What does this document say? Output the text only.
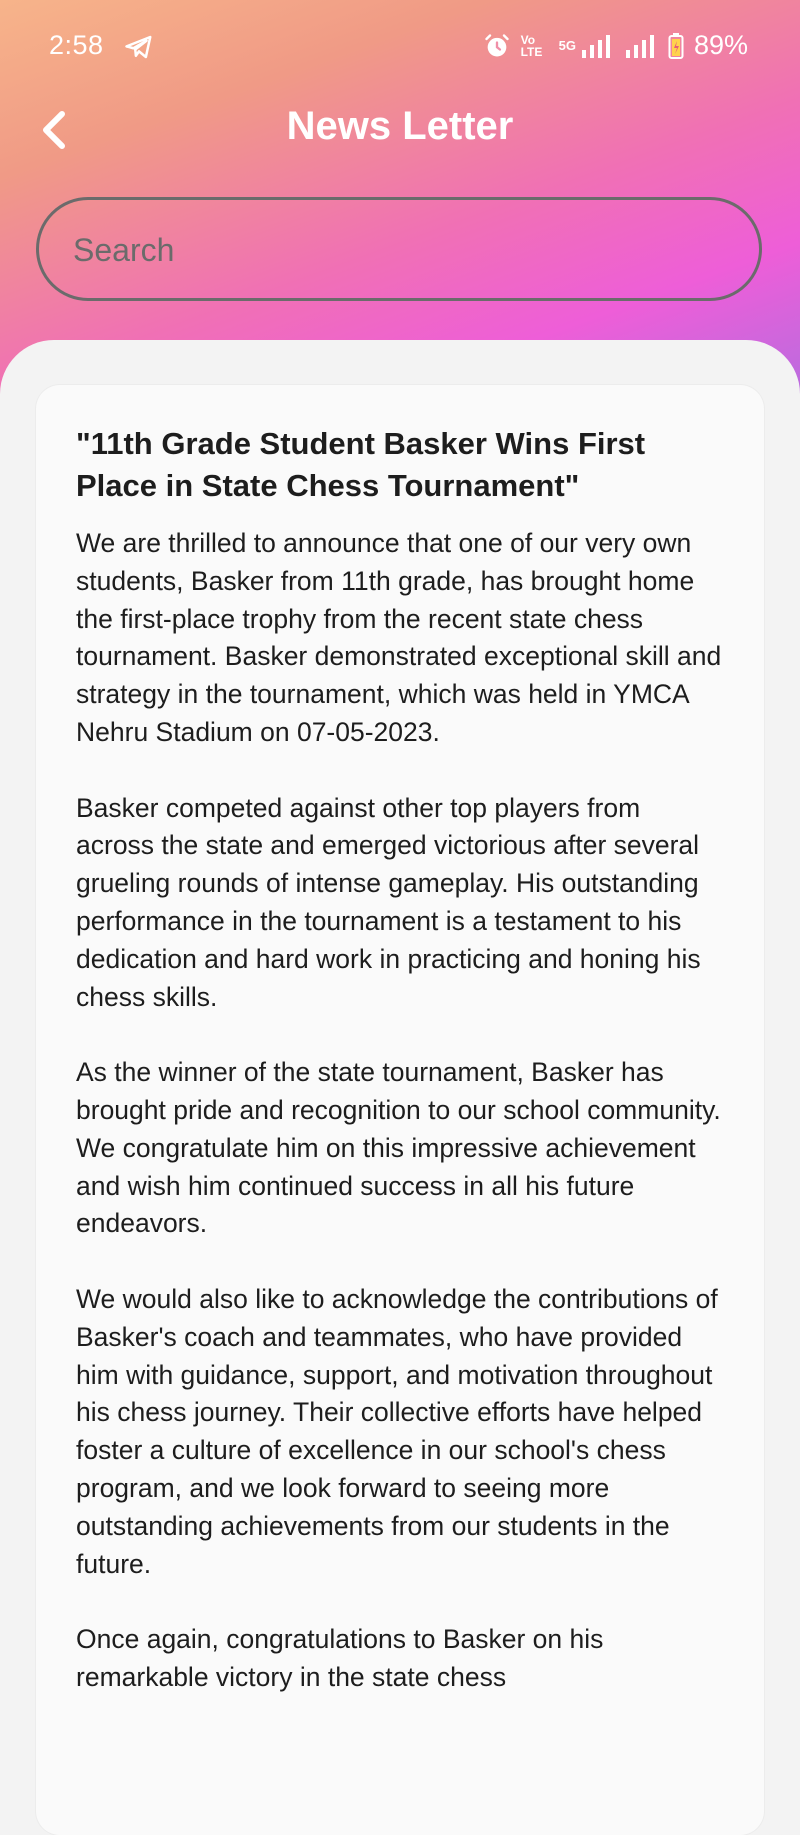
2:58	Vo LTE	5G	89%
News Letter
Search
"11th Grade Student Basker Wins First Place in State Chess Tournament"

We are thrilled to announce that one of our very own students, Basker from 11th grade, has brought home the first-place trophy from the recent state chess tournament. Basker demonstrated exceptional skill and strategy in the tournament, which was held in YMCA Nehru Stadium on 07-05-2023.

Basker competed against other top players from across the state and emerged victorious after several grueling rounds of intense gameplay. His outstanding performance in the tournament is a testament to his dedication and hard work in practicing and honing his chess skills.

As the winner of the state tournament, Basker has brought pride and recognition to our school community. We congratulate him on this impressive achievement and wish him continued success in all his future endeavors.

We would also like to acknowledge the contributions of Basker's coach and teammates, who have provided him with guidance, support, and motivation throughout his chess journey. Their collective efforts have helped foster a culture of excellence in our school's chess program, and we look forward to seeing more outstanding achievements from our students in the future.

Once again, congratulations to Basker on his remarkable victory in the state chess
